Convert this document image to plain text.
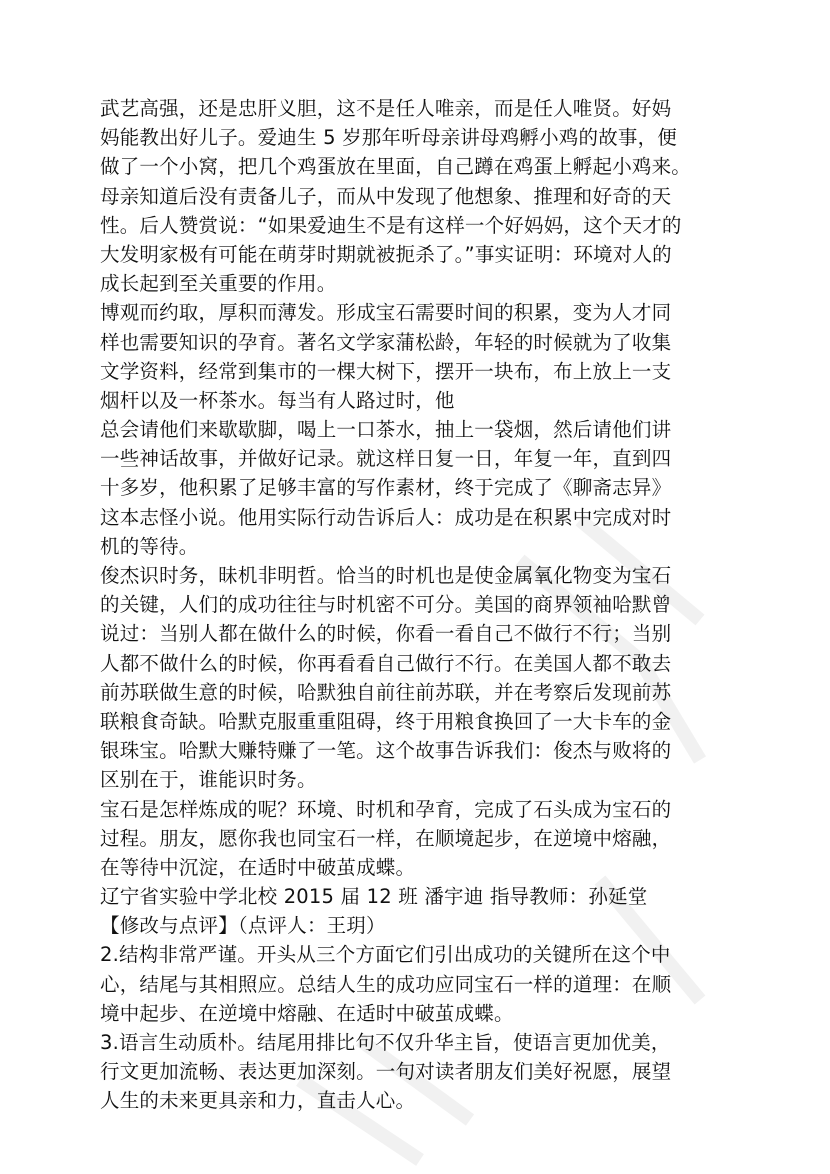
武艺高强，还是忠肝义胆，这不是任人唯亲，而是任人唯贤。好妈
妈能教出好儿子。爱迪生 5 岁那年听母亲讲母鸡孵小鸡的故事，便
做了一个小窝，把几个鸡蛋放在里面，自己蹲在鸡蛋上孵起小鸡来。
母亲知道后没有责备儿子，而从中发现了他想象、推理和好奇的天
性。后人赞赏说：“如果爱迪生不是有这样一个好妈妈，这个天才的
大发明家极有可能在萌芽时期就被扼杀了。”事实证明：环境对人的
成长起到至关重要的作用。
博观而约取，厚积而薄发。形成宝石需要时间的积累，变为人才同
样也需要知识的孕育。著名文学家蒲松龄，年轻的时候就为了收集
文学资料，经常到集市的一棵大树下，摆开一块布，布上放上一支
烟杆以及一杯茶水。每当有人路过时，他
总会请他们来歇歇脚，喝上一口茶水，抽上一袋烟，然后请他们讲
一些神话故事，并做好记录。就这样日复一日，年复一年，直到四
十多岁，他积累了足够丰富的写作素材，终于完成了《聊斋志异》
这本志怪小说。他用实际行动告诉后人：成功是在积累中完成对时
机的等待。
俊杰识时务，昧机非明哲。恰当的时机也是使金属氧化物变为宝石
的关键，人们的成功往往与时机密不可分。美国的商界领袖哈默曾
说过：当别人都在做什么的时候，你看一看自己不做行不行；当别
人都不做什么的时候，你再看看自己做行不行。在美国人都不敢去
前苏联做生意的时候，哈默独自前往前苏联，并在考察后发现前苏
联粮食奇缺。哈默克服重重阻碍，终于用粮食换回了一大卡车的金
银珠宝。哈默大赚特赚了一笔。这个故事告诉我们：俊杰与败将的
区别在于，谁能识时务。
宝石是怎样炼成的呢？环境、时机和孕育，完成了石头成为宝石的
过程。朋友，愿你我也同宝石一样，在顺境起步，在逆境中熔融，
在等待中沉淀，在适时中破茧成蝶。
辽宁省实验中学北校 2015 届 12 班 潘宇迪 指导教师：孙延堂
【修改与点评】（点评人：王玥）
2.结构非常严谨。开头从三个方面它们引出成功的关键所在这个中
心，结尾与其相照应。总结人生的成功应同宝石一样的道理：在顺
境中起步、在逆境中熔融、在适时中破茧成蝶。
3.语言生动质朴。结尾用排比句不仅升华主旨，使语言更加优美，
行文更加流畅、表达更加深刻。一句对读者朋友们美好祝愿，展望
人生的未来更具亲和力，直击人心。
